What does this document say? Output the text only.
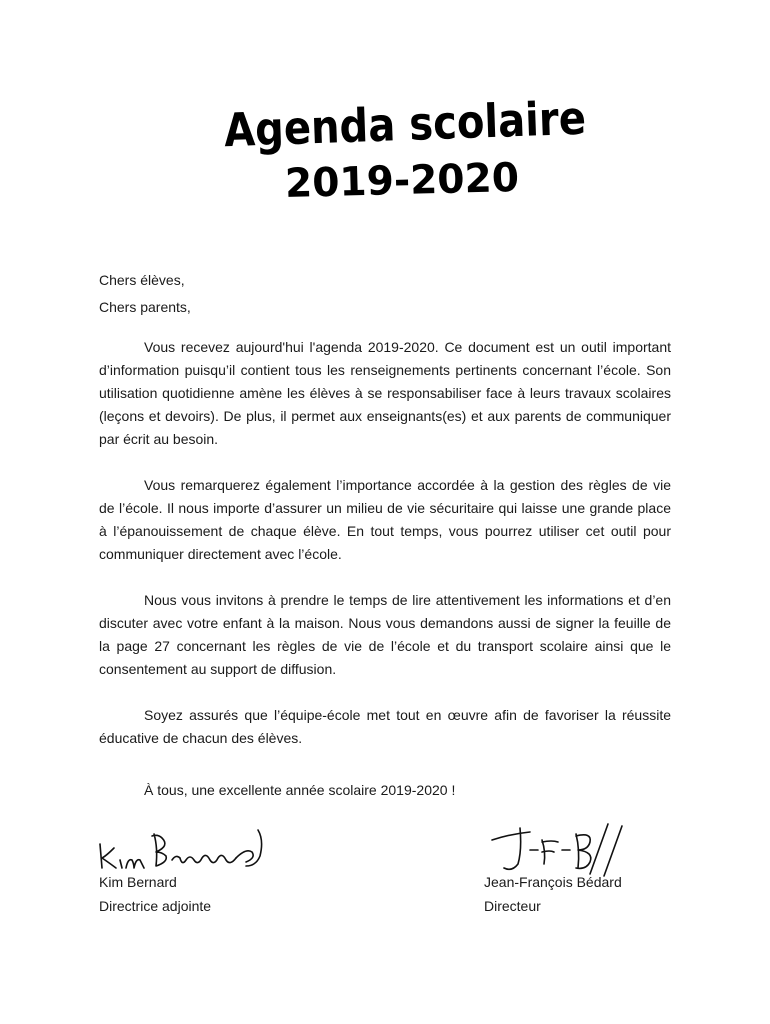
Agenda scolaire
2019-2020
Chers élèves,
Chers parents,

Vous recevez aujourd'hui l'agenda 2019-2020. Ce document est un outil important d’information puisqu’il contient tous les renseignements pertinents concernant l’école. Son utilisation quotidienne amène les élèves à se responsabiliser face à leurs travaux scolaires (leçons et devoirs). De plus, il permet aux enseignants(es) et aux parents de communiquer par écrit au besoin.

Vous remarquerez également l’importance accordée à la gestion des règles de vie de l’école. Il nous importe d’assurer un milieu de vie sécuritaire qui laisse une grande place à l’épanouissement de chaque élève. En tout temps, vous pourrez utiliser cet outil pour communiquer directement avec l’école.

Nous vous invitons à prendre le temps de lire attentivement les informations et d’en discuter avec votre enfant à la maison. Nous vous demandons aussi de signer la feuille de la page 27 concernant les règles de vie de l’école et du transport scolaire ainsi que le consentement au support de diffusion.

Soyez assurés que l’équipe-école met tout en œuvre afin de favoriser la réussite éducative de chacun des élèves.

À tous, une excellente année scolaire 2019-2020 !
Kim Bernard
Directrice adjointe
Jean-François Bédard
Directeur
